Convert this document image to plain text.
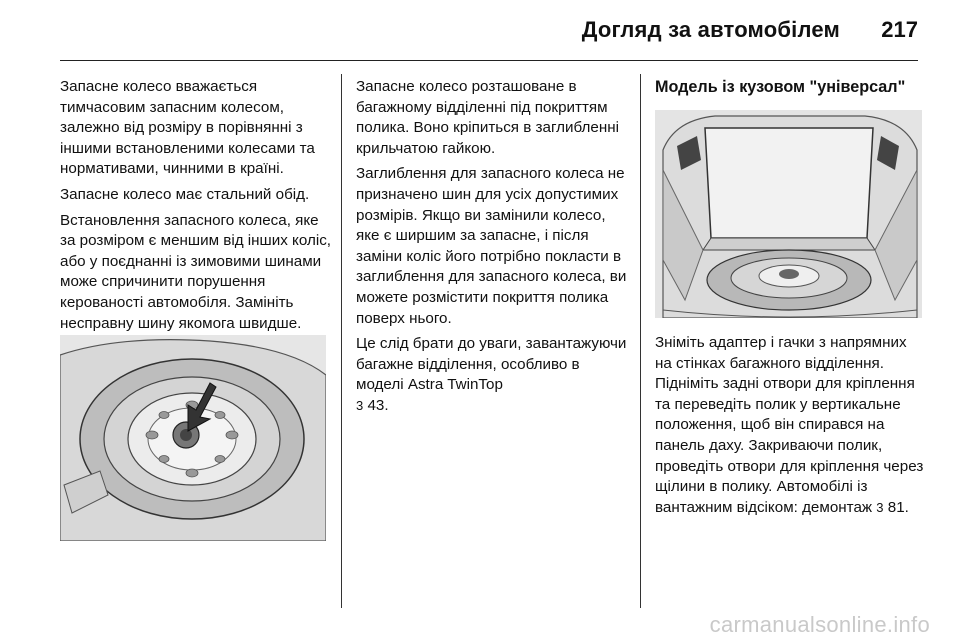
Догляд за автомобілем 217

Запасне колесо вважається тимчасовим запасним колесом, залежно від розміру в порівнянні з іншими встановленими колесами та нормативами, чинними в країні.

Запасне колесо має стальний обід.

Встановлення запасного колеса, яке за розміром є меншим від інших коліс, або у поєднанні із зимовими шинами може спричинити порушення керованості автомобіля. Замініть несправну шину якомога швидше.

Запасне колесо розташоване в багажному відділенні під покриттям полика. Воно кріпиться в заглибленні крильчатою гайкою.

Заглиблення для запасного колеса не призначено шин для усіх допустимих розмірів. Якщо ви замінили колесо, яке є ширшим за запасне, і після заміни коліс його потрібно покласти в заглиблення для запасного колеса, ви можете розмістити покриття полика поверх нього.

Це слід брати до уваги, завантажуючи багажне відділення, особливо в моделі Astra TwinTop
3 43.

Модель із кузовом "універсал"

Зніміть адаптер і гачки з напрямних на стінках багажного відділення. Підніміть задні отвори для кріплення та переведіть полик у вертикальне положення, щоб він спирався на панель даху. Закриваючи полик, проведіть отвори для кріплення через щілини в полику. Автомобілі із вантажним відсіком: демонтаж 3 81.

carmanualsonline.info
